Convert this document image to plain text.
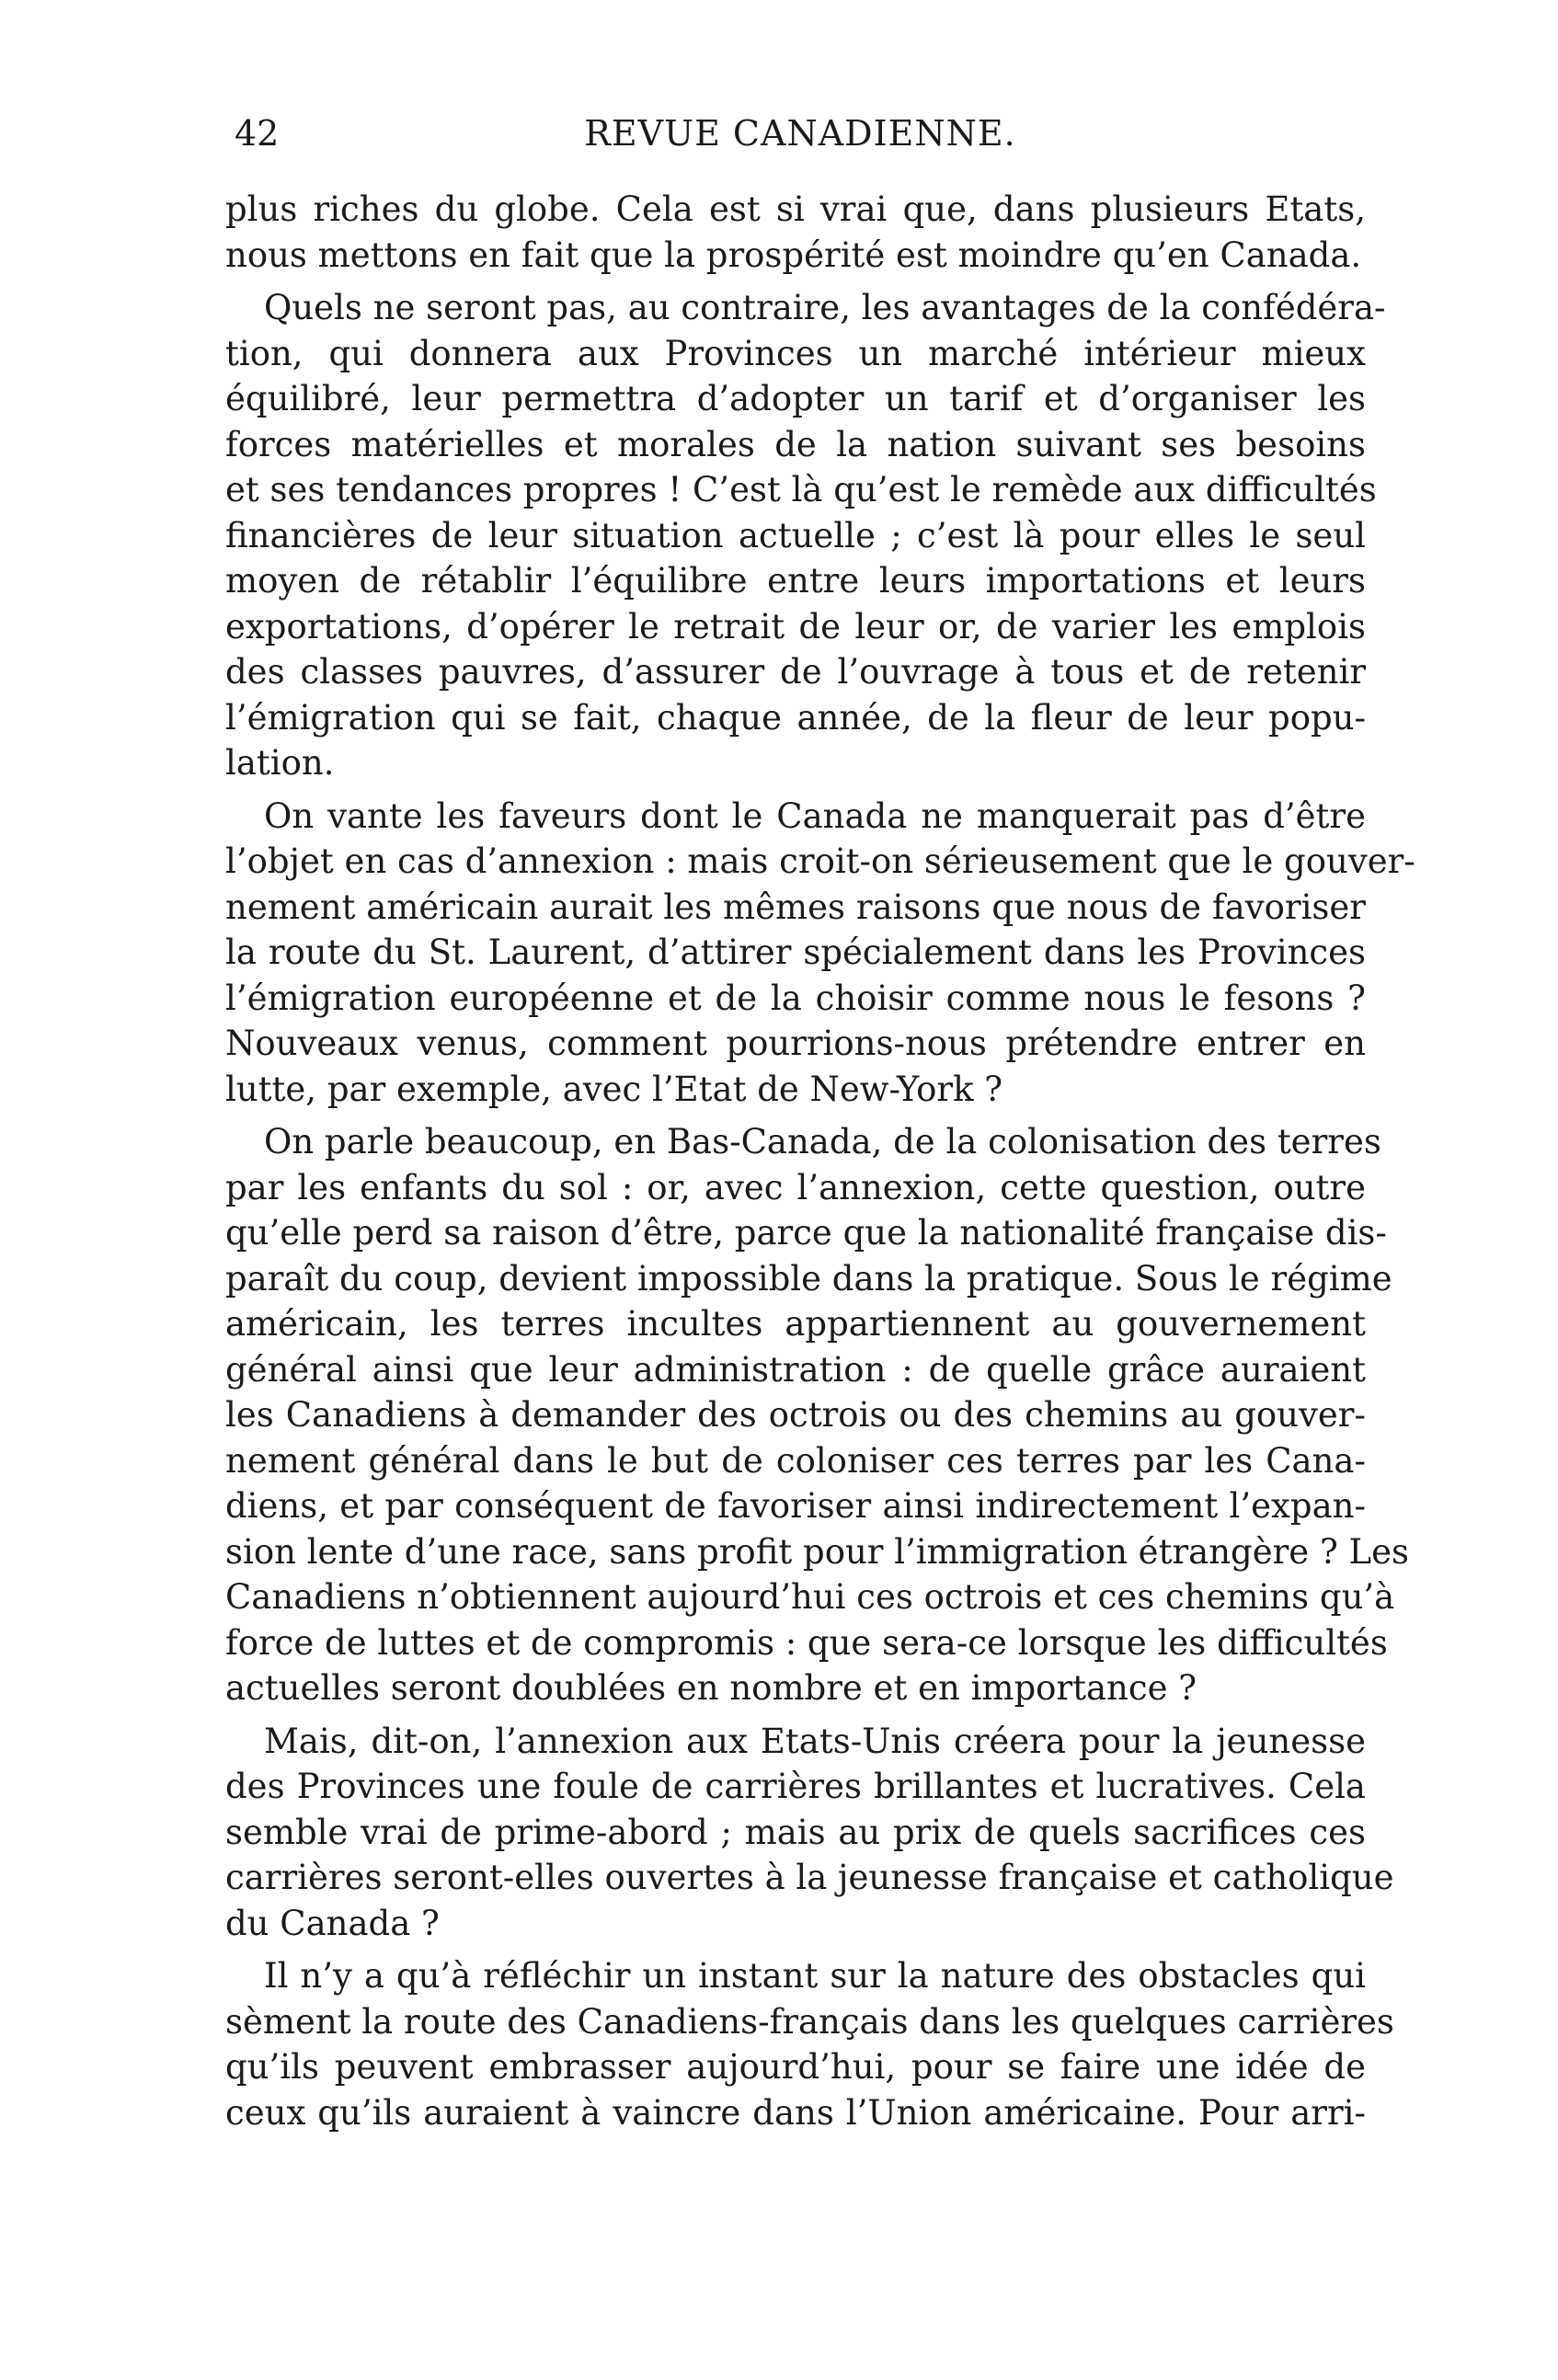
42	REVUE CANADIENNE.
plus riches du globe. Cela est si vrai que, dans plusieurs Etats,
nous mettons en fait que la prospérité est moindre qu’en Canada.
Quels ne seront pas, au contraire, les avantages de la confédéra-
tion, qui donnera aux Provinces un marché intérieur mieux
équilibré, leur permettra d’adopter un tarif et d’organiser les
forces matérielles et morales de la nation suivant ses besoins
et ses tendances propres ! C’est là qu’est le remède aux difficultés
financières de leur situation actuelle ; c’est là pour elles le seul
moyen de rétablir l’équilibre entre leurs importations et leurs
exportations, d’opérer le retrait de leur or, de varier les emplois
des classes pauvres, d’assurer de l’ouvrage à tous et de retenir
l’émigration qui se fait, chaque année, de la fleur de leur popu-
lation.
On vante les faveurs dont le Canada ne manquerait pas d’être
l’objet en cas d’annexion : mais croit-on sérieusement que le gouver-
nement américain aurait les mêmes raisons que nous de favoriser
la route du St. Laurent, d’attirer spécialement dans les Provinces
l’émigration européenne et de la choisir comme nous le fesons ?
Nouveaux venus, comment pourrions-nous prétendre entrer en
lutte, par exemple, avec l’Etat de New-York ?
On parle beaucoup, en Bas-Canada, de la colonisation des terres
par les enfants du sol : or, avec l’annexion, cette question, outre
qu’elle perd sa raison d’être, parce que la nationalité française dis-
paraît du coup, devient impossible dans la pratique. Sous le régime
américain, les terres incultes appartiennent au gouvernement
général ainsi que leur administration : de quelle grâce auraient
les Canadiens à demander des octrois ou des chemins au gouver-
nement général dans le but de coloniser ces terres par les Cana-
diens, et par conséquent de favoriser ainsi indirectement l’expan-
sion lente d’une race, sans profit pour l’immigration étrangère ? Les
Canadiens n’obtiennent aujourd’hui ces octrois et ces chemins qu’à
force de luttes et de compromis : que sera-ce lorsque les difficultés
actuelles seront doublées en nombre et en importance ?
Mais, dit-on, l’annexion aux Etats-Unis créera pour la jeunesse
des Provinces une foule de carrières brillantes et lucratives. Cela
semble vrai de prime-abord ; mais au prix de quels sacrifices ces
carrières seront-elles ouvertes à la jeunesse française et catholique
du Canada ?
Il n’y a qu’à réfléchir un instant sur la nature des obstacles qui
sèment la route des Canadiens-français dans les quelques carrières
qu’ils peuvent embrasser aujourd’hui, pour se faire une idée de
ceux qu’ils auraient à vaincre dans l’Union américaine. Pour arri-
